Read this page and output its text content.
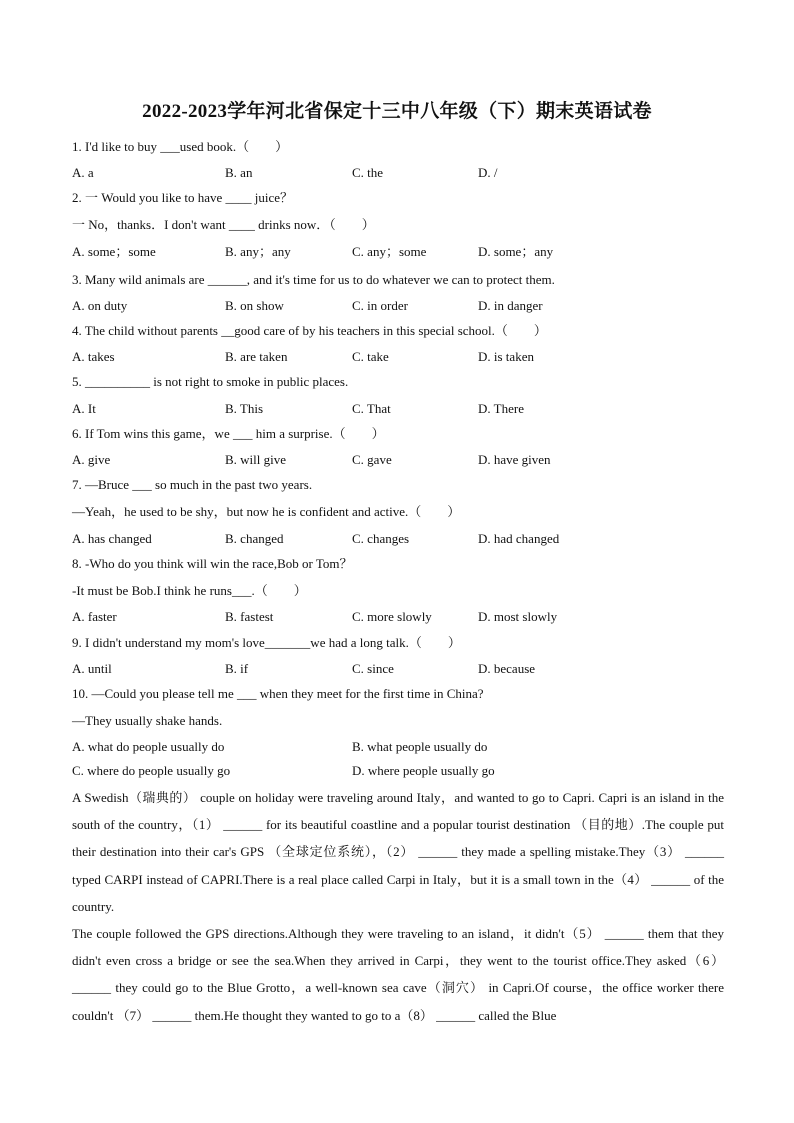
2022-2023学年河北省保定十三中八年级（下）期末英语试卷
1. I'd like to buy ___used book.（　　）
A. a	B. an	C. the	D. /
2. 一 Would you like to have ____ juice？
一 No，thanks．I don't want ____ drinks now．（　　）
A. some；some	B. any；any	C. any；some	D. some；any
3. Many wild animals are ______, and it's time for us to do whatever we can to protect them.
A. on duty	B. on show	C. in order	D. in danger
4. The child without parents __good care of by his teachers in this special school.（　　）
A. takes	B. are taken	C. take	D. is taken
5. __________ is not right to smoke in public places.
A. It	B. This	C. That	D. There
6. If Tom wins this game，we ___ him a surprise.（　　）
A. give	B. will give	C. gave	D. have given
7. —Bruce ___ so much in the past two years.
—Yeah，he used to be shy，but now he is confident and active.（　　）
A. has changed	B. changed	C. changes	D. had changed
8. -Who do you think will win the race,Bob or Tom？
-It must be Bob.I think he runs___.（　　）
A. faster	B. fastest	C. more slowly	D. most slowly
9. I didn't understand my mom's love_______we had a long talk.（　　）
A. until	B. if	C. since	D. because
10. —Could you please tell me ___ when they meet for the first time in China?
—They usually shake hands.
A. what do people usually do	B. what people usually do
C. where do people usually go	D. where people usually go
A Swedish（瑞典的） couple on holiday were traveling around Italy，and wanted to go to Capri. Capri is an island in the south of the country，（1） ______ for its beautiful coastline and a popular tourist destination （目的地）.The couple put their destination into their car's GPS （全球定位系统），（2） ______ they made a spelling mistake.They（3） ______ typed CARPI instead of CAPRI.There is a real place called Carpi in Italy，but it is a small town in the（4） ______ of the country.
The couple followed the GPS directions.Although they were traveling to an island，it didn't（5） ______ them that they didn't even cross a bridge or see the sea.When they arrived in Carpi，they went to the tourist office.They asked（6） ______ they could go to the Blue Grotto，a well-known sea cave（洞穴） in Capri.Of course，the office worker there couldn't （7） ______ them.He thought they wanted to go to a（8） ______ called the Blue
